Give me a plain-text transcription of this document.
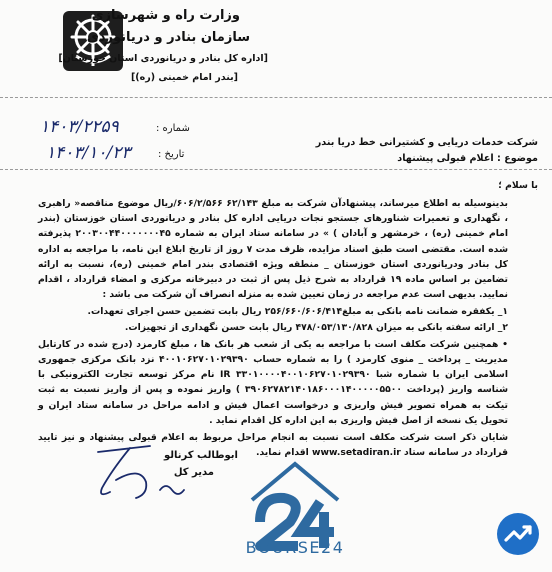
وزارت راه و شهرسازی
سازمان بنادر و دریانوردی
[اداره کل بنادر و دریانوردی استان خوزستان]
[بندر امام خمینی (ره)]
شماره :
۱۴۰۳/۲۲۵۹
تاریخ :
۱۴۰۳/۱۰/۲۳
شرکت خدمات دریایی و کشتیرانی خط دریا بندر
موضوع : اعلام قبولی پیشنهاد
با سلام ؛

بدینوسیله به اطلاع میرساند، پیشنهادآن شرکت به مبلغ ۶۲/۱۴۳ ۶۰۶/۲/۵۶۶/ریال موضوع مناقصه« راهبری ، نگهداری و تعمیرات شناورهای جستجو نجات دریایی اداره کل بنادر و دریانوردی استان خوزستان (بندر امام خمینی (ره) ، خرمشهر و آبادان ) » در سامانه ستاد ایران به شماره ۲۰۰۳۰۰۴۴۰۰۰۰۰۰۰۴۵ پذیرفته شده است. مقتضی است طبق اسناد مزایده، ظرف مدت ۷ روز از تاریخ ابلاغ این نامه، با مراجعه به اداره کل بنادر ودریانوردی استان خوزستان _ منطقه ویژه اقتصادی بندر امام خمینی (ره)، نسبت به ارائه تضامین بر اساس ماده ۱۹ قرارداد به شرح ذیل پس از ثبت در دبیرخانه مرکزی و امضاء قرارداد ، اقدام نمایید. بدیهی است عدم مراجعه در زمان تعیین شده به منزله انصراف آن شرکت می باشد :

۱_ یکفقره ضمانت نامه بانکی به مبلغ۲۵۶/۶۶۰/۶۰۶/۴۱۴ ریال بابت تضمین حسن اجرای تعهدات.

۲_ ارائه سفته بانکی به میزان ۴۷۸/۰۵۳/۱۳۰/۸۲۸ ریال بابت حسن نگهداری از تجهیزات.

• همچنین شرکت مکلف است با مراجعه به یکی از شعب هر بانک ها ، مبلغ کارمزد (درج شده در کارتابل مدیریت _ پرداخت _ منوی کارمزد ) را به شماره حساب ۴۰۰۱۰۶۲۷۰۱۰۲۹۳۹۰ نزد بانک مرکزی جمهوری اسلامی ایران با شماره شبا IR ۳۳۰۱۰۰۰۰۴۰۰۱۰۶۲۷۰۱۰۲۹۳۹۰ نام مرکز توسعه تجارت الکترونیکی با شناسه واریز (پرداخت ۳۹۰۶۲۷۸۲۱۴۰۱۸۶۰۰۰۱۴۰۰۰۰۰۵۵۰۰ ) واریز نموده و پس از واریز نسبت به ثبت تیکت به همراه تصویر فیش واریزی و درخواست اعمال فیش و ادامه مراحل در سامانه ستاد ایران و تحویل یک نسخه از اصل فیش واریزی به این اداره کل اقدام نماید .

شایان ذکر است شرکت مکلف است نسبت به انجام مراحل مربوط به اعلام قبولی پیشنهاد و نیز تایید قرارداد در سامانه ستاد www.setadiran.ir اقدام نماید.

ابوطالب کرنالو
مدیر کل
BOURSE24
